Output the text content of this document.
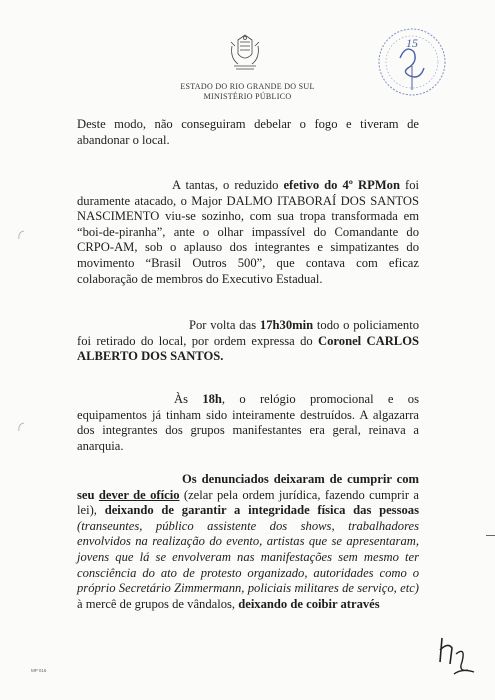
ESTADO DO RIO GRANDE DO SUL
MINISTÉRIO PÚBLICO
15
Deste modo, não conseguiram debelar o fogo e tiveram de abandonar o local.
A tantas, o reduzido efetivo do 4º RPMon foi duramente atacado, o Major DALMO ITABORAÍ DOS SANTOS NASCIMENTO viu-se sozinho, com sua tropa transformada em “boi-de-piranha”, ante o olhar impassível do Comandante do CRPO-AM, sob o aplauso dos integrantes e simpatizantes do movimento “Brasil Outros 500”, que contava com eficaz colaboração de membros do Executivo Estadual.
Por volta das 17h30min todo o policiamento foi retirado do local, por ordem expressa do Coronel CARLOS ALBERTO DOS SANTOS.
Às 18h, o relógio promocional e os equipamentos já tinham sido inteiramente destruídos. A algazarra dos integrantes dos grupos manifestantes era geral, reinava a anarquia.
Os denunciados deixaram de cumprir com seu dever de ofício (zelar pela ordem jurídica, fazendo cumprir a lei), deixando de garantir a integridade física das pessoas (transeuntes, público assistente dos shows, trabalhadores envolvidos na realização do evento, artistas que se apresentaram, jovens que lá se envolveram nas manifestações sem mesmo ter consciência do ato de protesto organizado, autoridades como o próprio Secretário Zimmermann, policiais militares de serviço, etc) à mercê de grupos de vândalos, deixando de coibir através
MP 016
